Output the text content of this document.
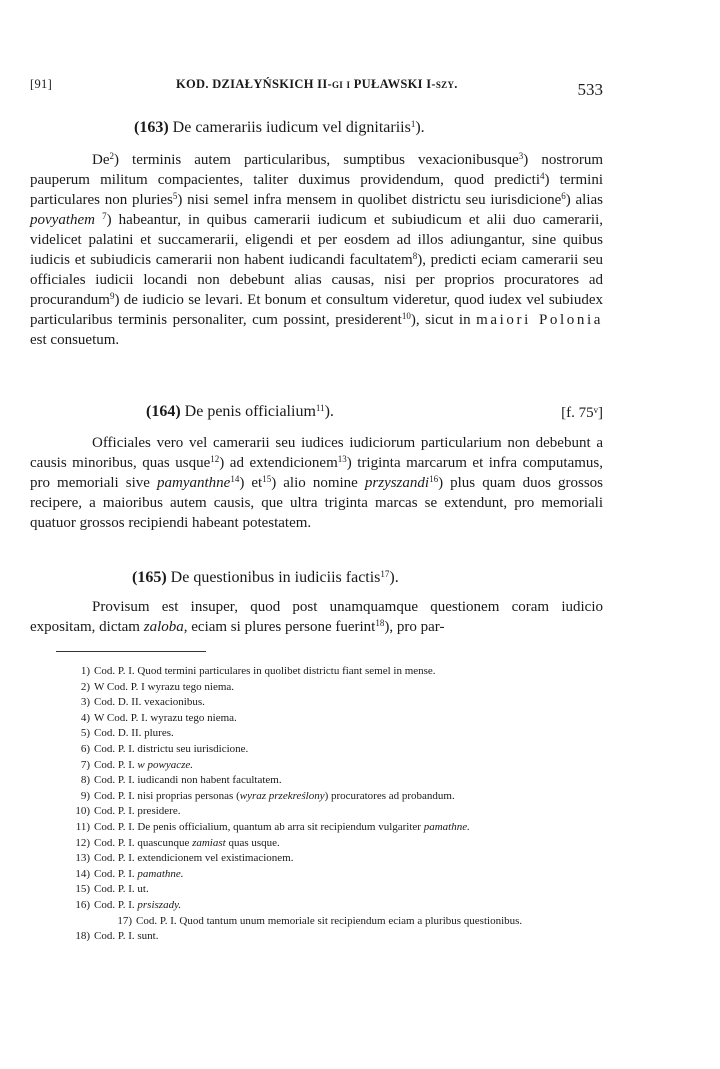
[91]	KOD. DZIAŁYŃSKICH II-gi i PUŁAWSKI I-szy.	533
(163) De camerariis iudicum vel dignitariis$^1$).

De$^2$) terminis autem particularibus, sumptibus vexacionibusque$^3$) nostrorum pauperum militum compacientes, taliter duximus providendum, quod predicti$^4$) termini particulares non pluries$^5$) nisi semel infra mensem in quolibet districtu seu iurisdicione$^6$) alias povyathem $^7$) habeantur, in quibus camerarii iudicum et subiudicum et alii duo camerarii, videlicet palatini et succamerarii, eligendi et per eosdem ad illos adiungantur, sine quibus iudicis et subiudicis camerarii non habent iudicandi facultatem$^8$), predicti eciam camerarii seu officiales iudicii locandi non debebunt alias causas, nisi per proprios procuratores ad procurandum$^9$) de iudicio se levari. Et bonum et consultum videretur, quod iudex vel subiudex particularibus terminis personaliter, cum possint, presiderent$^{10}$), sicut in maiori Polonia est consuetum.

(164) De penis officialium$^{11}$).	[f. 75ᵛ]

Officiales vero vel camerarii seu iudices iudiciorum particularium non debebunt a causis minoribus, quas usque$^{12}$) ad extendicionem$^{13}$) triginta marcarum et infra computamus, pro memoriali sive pamyanthne$^{14}$) $et^{15}$) alio nomine przyszandi$^{16}$) plus quam duos grossos recipere, a maioribus autem causis, que ultra triginta marcas se extendunt, pro memoriali quatuor grossos recipiendi habeant potestatem.

(165) De questionibus in iudiciis factis$^{17}$).

Provisum est insuper, quod post unamquamque questionem coram iudicio expositam, dictam zaloba, eciam si plures persone fuerint$^{18}$), pro par-

1) Cod. P. I. Quod termini particulares in quolibet districtu fiant semel in mense.
2) W Cod. P. I wyrazu tego niema.
3) Cod. D. II. vexacionibus.
4) W Cod. P. I. wyrazu tego niema.
5) Cod. D. II. plures.
6) Cod. P. I. districtu seu iurisdicione.
7) Cod. P. I. w powyacze.
8) Cod. P. I. iudicandi non habent facultatem.
9) Cod. P. I. nisi proprias personas (wyraz przekreślony) procuratores ad probandum.
10) Cod. P. I. presidere.
11) Cod. P. I. De penis officialium, quantum ab arra sit recipiendum vulgariter pamathne.
12) Cod. P. I. quascunque zamiast quas usque.
13) Cod. P. I. extendicionem vel existimacionem.
14) Cod. P. I. pamathne.
15) Cod. P. I. ut.
16) Cod. P. I. prsiszady.
17) Cod. P. I. Quod tantum unum memoriale sit recipiendum eciam a pluribus questionibus.
18) Cod. P. I. sunt.
